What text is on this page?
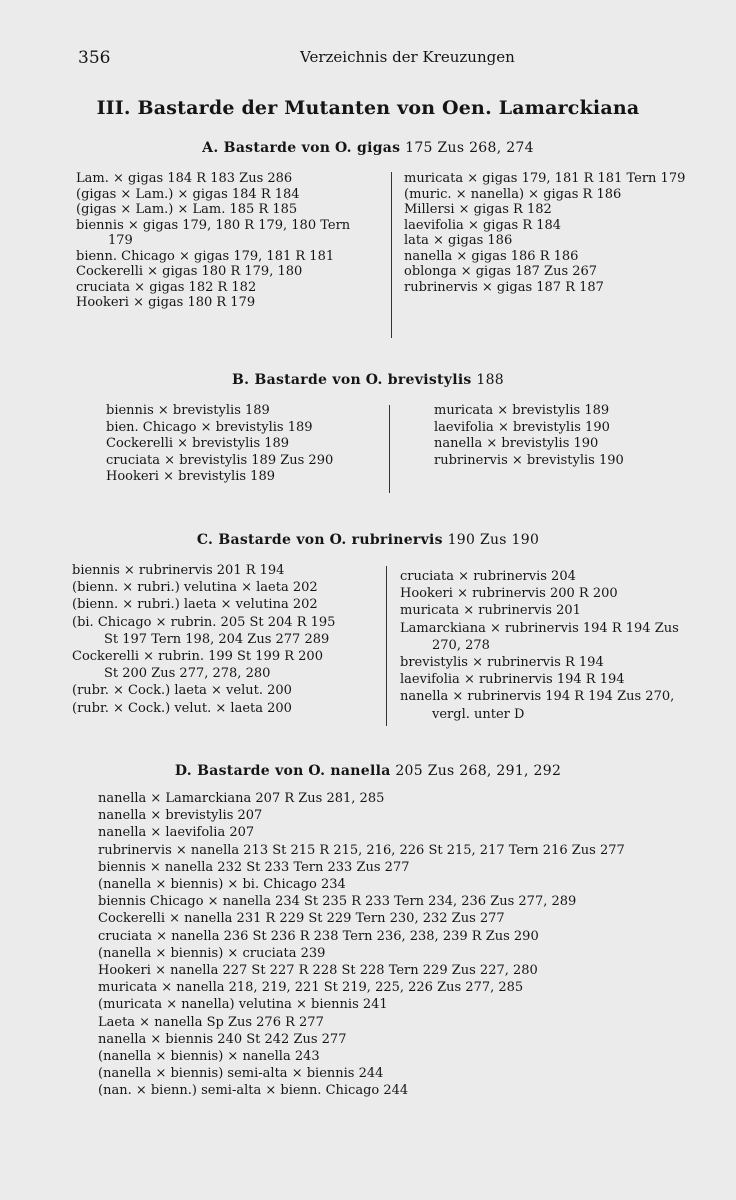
356	Verzeichnis der Kreuzungen
III. Bastarde der Mutanten von Oen. Lamarckiana
A. Bastarde von O. gigas 175 Zus 268, 274
Lam. × gigas 184 R 183 Zus 286
(gigas × Lam.) × gigas 184 R 184
(gigas × Lam.) × Lam. 185 R 185
biennis × gigas 179, 180 R 179, 180 Tern
179
bienn. Chicago × gigas 179, 181 R 181
Cockerelli × gigas 180 R 179, 180
cruciata × gigas 182 R 182
Hookeri × gigas 180 R 179
muricata × gigas 179, 181 R 181 Tern 179
(muric. × nanella) × gigas R 186
Millersi × gigas R 182
laevifolia × gigas R 184
lata × gigas 186
nanella × gigas 186 R 186
oblonga × gigas 187 Zus 267
rubrinervis × gigas 187 R 187
B. Bastarde von O. brevistylis 188
biennis × brevistylis 189
bien. Chicago × brevistylis 189
Cockerelli × brevistylis 189
cruciata × brevistylis 189 Zus 290
Hookeri × brevistylis 189
muricata × brevistylis 189
laevifolia × brevistylis 190
nanella × brevistylis 190
rubrinervis × brevistylis 190
C. Bastarde von O. rubrinervis 190 Zus 190
biennis × rubrinervis 201 R 194
(bienn. × rubri.) velutina × laeta 202
(bienn. × rubri.) laeta × velutina 202
(bi. Chicago × rubrin. 205 St 204 R 195
St 197 Tern 198, 204 Zus 277 289
Cockerelli × rubrin. 199 St 199 R 200
St 200 Zus 277, 278, 280
(rubr. × Cock.) laeta × velut. 200
(rubr. × Cock.) velut. × laeta 200
cruciata × rubrinervis 204
Hookeri × rubrinervis 200 R 200
muricata × rubrinervis 201
Lamarckiana × rubrinervis 194 R 194 Zus
270, 278
brevistylis × rubrinervis R 194
laevifolia × rubrinervis 194 R 194
nanella × rubrinervis 194 R 194 Zus 270,
vergl. unter D
D. Bastarde von O. nanella 205 Zus 268, 291, 292
nanella × Lamarckiana 207 R Zus 281, 285
nanella × brevistylis 207
nanella × laevifolia 207
rubrinervis × nanella 213 St 215 R 215, 216, 226 St 215, 217 Tern 216 Zus 277
biennis × nanella 232 St 233 Tern 233 Zus 277
(nanella × biennis) × bi. Chicago 234
biennis Chicago × nanella 234 St 235 R 233 Tern 234, 236 Zus 277, 289
Cockerelli × nanella 231 R 229 St 229 Tern 230, 232 Zus 277
cruciata × nanella 236 St 236 R 238 Tern 236, 238, 239 R Zus 290
(nanella × biennis) × cruciata 239
Hookeri × nanella 227 St 227 R 228 St 228 Tern 229 Zus 227, 280
muricata × nanella 218, 219, 221 St 219, 225, 226 Zus 277, 285
(muricata × nanella) velutina × biennis 241
Laeta × nanella Sp Zus 276 R 277
nanella × biennis 240 St 242 Zus 277
(nanella × biennis) × nanella 243
(nanella × biennis) semi-alta × biennis 244
(nan. × bienn.) semi-alta × bienn. Chicago 244
